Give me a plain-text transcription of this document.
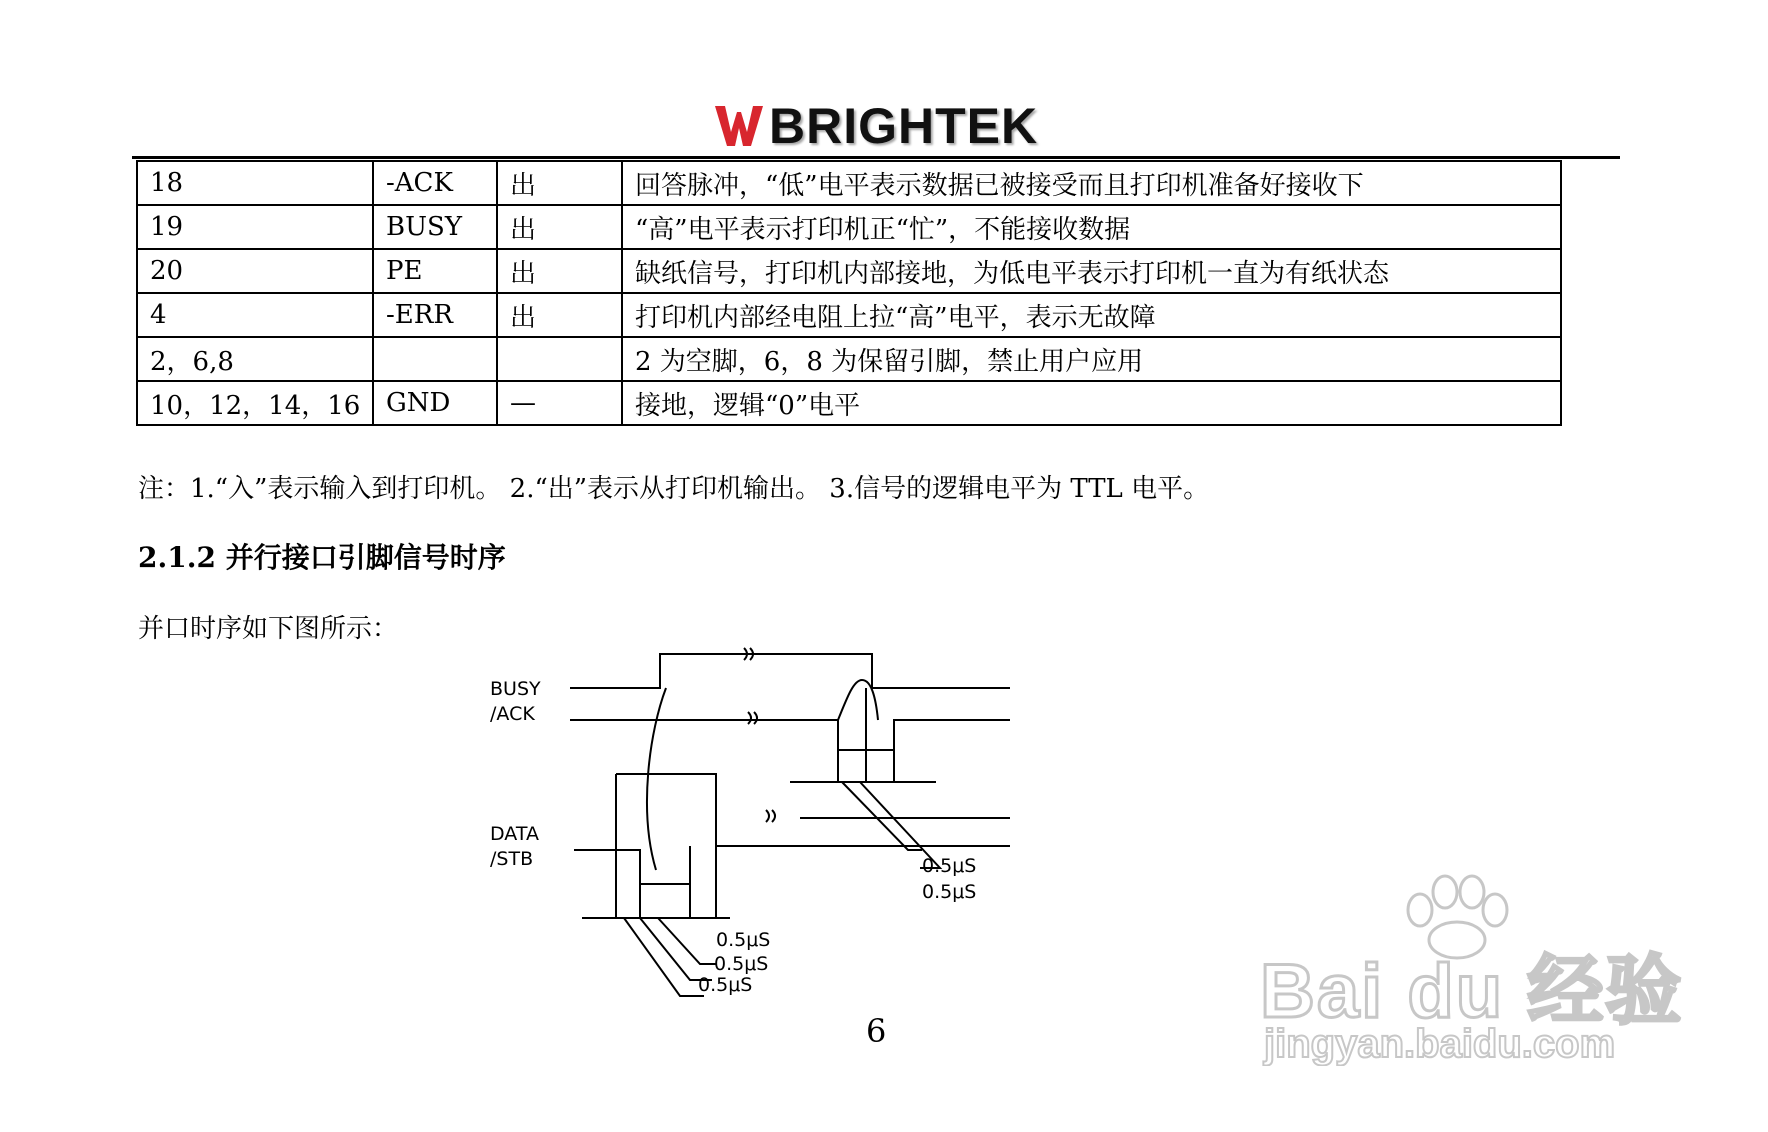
BRIGHTEK
18	-ACK	出	回答脉冲，“低”电平表示数据已被接受而且打印机准备好接收下
19	BUSY	出	“高”电平表示打印机正“忙”，不能接收数据
20	PE	出	缺纸信号，打印机内部接地，为低电平表示打印机一直为有纸状态
4	-ERR	出	打印机内部经电阻上拉“高”电平，表示无故障
2，6,8			2 为空脚，6，8 为保留引脚，禁止用户应用
10，12，14，16	GND	—	接地，逻辑“0”电平
注：1.“入”表示输入到打印机。 2.“出”表示从打印机输出。 3.信号的逻辑电平为 TTL 电平。
2.1.2 并行接口引脚信号时序
并口时序如下图所示：
BUSY
/ACK
DATA
/STB
0.5μS
0.5μS
0.5μS
0.5μS
0.5μS
6	Bai du 经验
jingyan.baidu.com
